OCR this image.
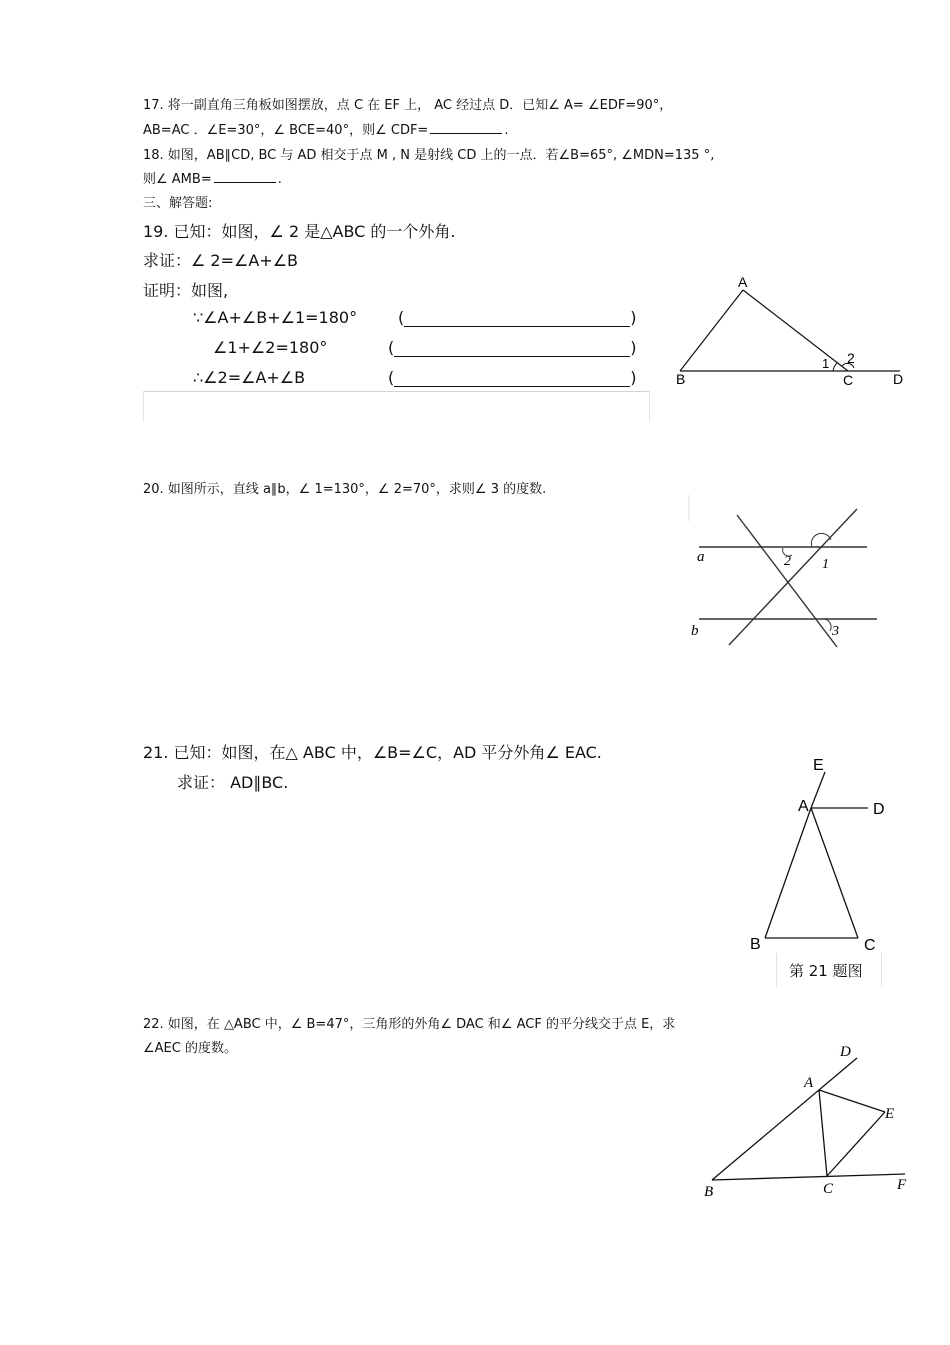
17. 将一副直角三角板如图摆放，点 C 在 EF 上， AC 经过点 D．已知∠ A= ∠EDF=90°，
AB=AC ．∠E=30°，∠ BCE=40°，则∠ CDF=	.
18. 如图，AB∥CD, BC 与 AD 相交于点 M , N 是射线 CD 上的一点．若∠B=65°, ∠MDN=135 °,
则∠ AMB=	.
三、解答题:
19. 已知：如图，∠ 2 是△ABC 的一个外角.
求证：∠ 2=∠A+∠B
证明：如图,
∵∠A+∠B+∠1=180°	(	)
∠1+∠2=180°	(	)
∴∠2=∠A+∠B	(	)
A
B	C	D
1 2
20. 如图所示，直线 a∥b，∠ 1=130°，∠ 2=70°，求则∠ 3 的度数.
a
b
1
2
3
21. 已知：如图，在△ ABC 中，∠B=∠C，AD 平分外角∠ EAC.
求证： AD∥BC.
E
A	D
B	C
第 21 题图
22. 如图，在 △ABC 中，∠ B=47°，三角形的外角∠ DAC 和∠ ACF 的平分线交于点 E，求
∠AEC 的度数。
A
B	C
D
E
F
